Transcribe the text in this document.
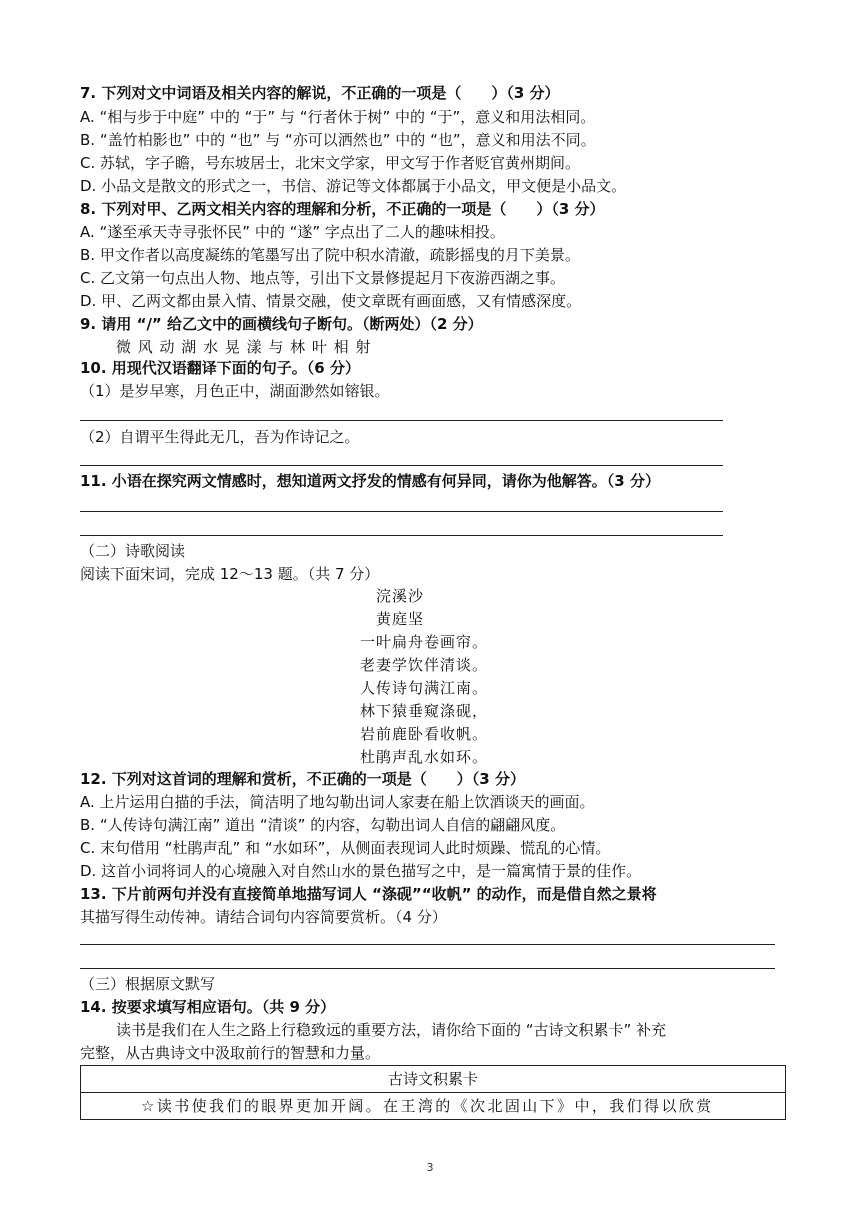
7. 下列对文中词语及相关内容的解说，不正确的一项是（　　）（3 分）
A. “相与步于中庭” 中的 “于” 与 “行者休于树” 中的 “于”，意义和用法相同。
B. “盖竹柏影也” 中的 “也” 与 “亦可以洒然也” 中的 “也”，意义和用法不同。
C. 苏轼，字子瞻，号东坡居士，北宋文学家，甲文写于作者贬官黄州期间。
D. 小品文是散文的形式之一，书信、游记等文体都属于小品文，甲文便是小品文。
8. 下列对甲、乙两文相关内容的理解和分析，不正确的一项是（　　）（3 分）
A. “遂至承天寺寻张怀民” 中的 “遂” 字点出了二人的趣味相投。
B. 甲文作者以高度凝练的笔墨写出了院中积水清澈，疏影摇曳的月下美景。
C. 乙文第一句点出人物、地点等，引出下文景修提起月下夜游西湖之事。
D. 甲、乙两文都由景入情、情景交融，使文章既有画面感，又有情感深度。
9. 请用 “/” 给乙文中的画横线句子断句。（断两处）（2 分）
微 风 动 湖 水 晃 漾 与 林 叶 相 射
10. 用现代汉语翻译下面的句子。（6 分）
（1）是岁早寒，月色正中，湖面渺然如镕银。
（2）自谓平生得此无几，吾为作诗记之。
11. 小语在探究两文情感时，想知道两文抒发的情感有何异同，请你为他解答。（3 分）
（二）诗歌阅读
阅读下面宋词，完成 12～13 题。（共 7 分）
浣溪沙
黄庭坚
一叶扁舟卷画帘。
老妻学饮伴清谈。
人传诗句满江南。
林下猿垂窥涤砚，
岩前鹿卧看收帆。
杜鹃声乱水如环。
12. 下列对这首词的理解和赏析，不正确的一项是（　　）（3 分）
A. 上片运用白描的手法，简洁明了地勾勒出词人家妻在船上饮酒谈天的画面。
B. “人传诗句满江南” 道出 “清谈” 的内容，勾勒出词人自信的翩翩风度。
C. 末句借用 “杜鹃声乱” 和 “水如环”，从侧面表现词人此时烦躁、慌乱的心情。
D. 这首小词将词人的心境融入对自然山水的景色描写之中，是一篇寓情于景的佳作。
13. 下片前两句并没有直接简单地描写词人 “涤砚”“收帆” 的动作，而是借自然之景将
其描写得生动传神。请结合词句内容简要赏析。（4 分）
（三）根据原文默写
14. 按要求填写相应语句。（共 9 分）
读书是我们在人生之路上行稳致远的重要方法，请你给下面的 “古诗文积累卡” 补充
完整，从古典诗文中汲取前行的智慧和力量。
古诗文积累卡
☆读书使我们的眼界更加开阔。在王湾的《次北固山下》中，我们得以欣赏
3
